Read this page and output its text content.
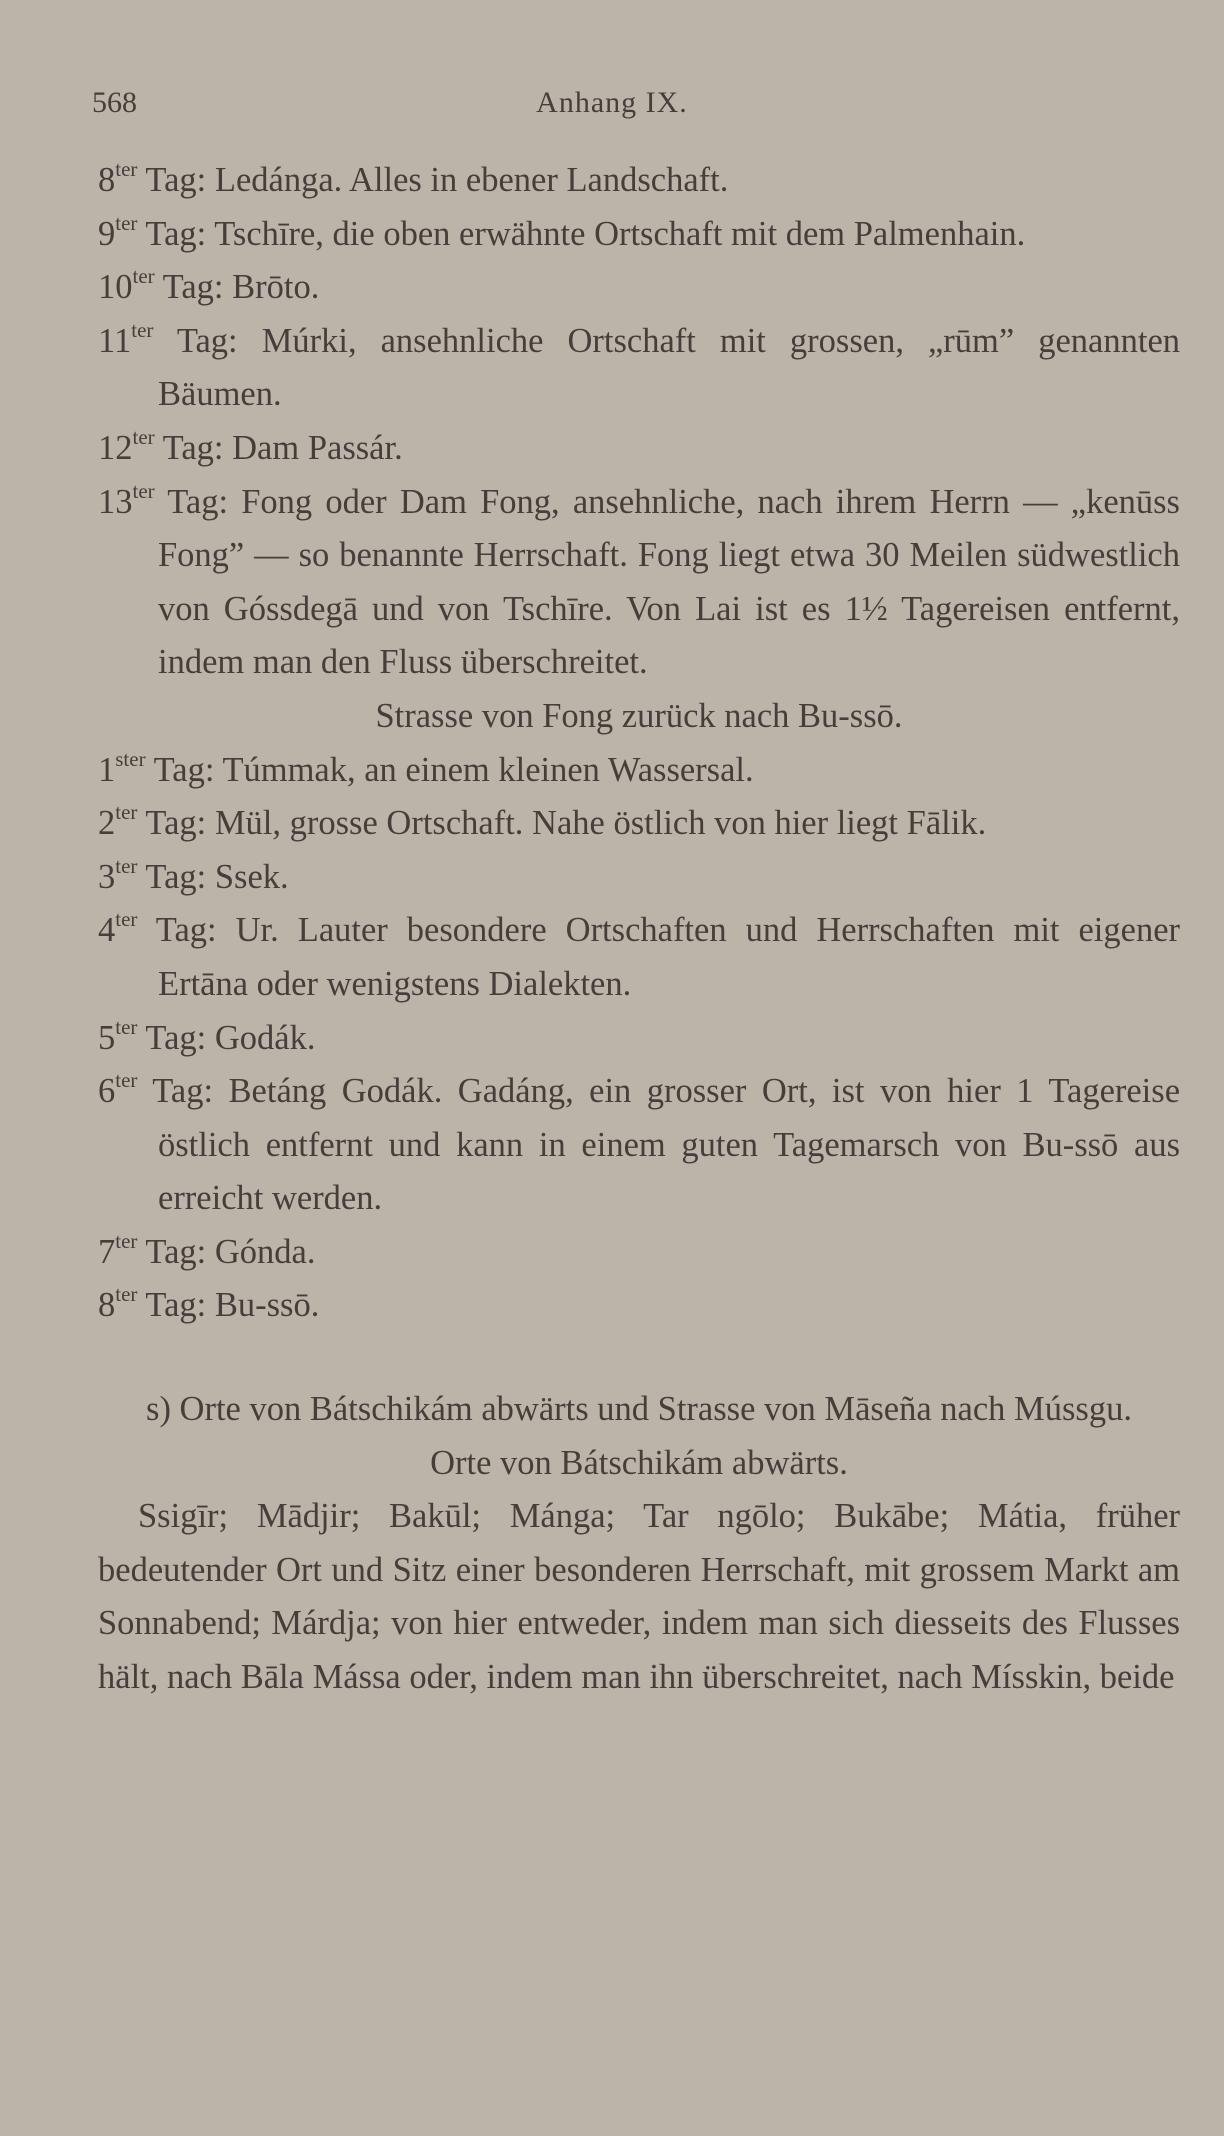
568	Anhang IX.
$8^{ter}$ Tag: Ledánga. Alles in ebener Landschaft.
$9^{ter}$ Tag: Tschīre, die oben erwähnte Ortschaft mit dem Palmenhain.
$10^{ter}$ Tag: Brōto.
$11^{ter}$ Tag: Múrki, ansehnliche Ortschaft mit grossen, „rūm” genannten Bäumen.
$12^{ter}$ Tag: Dam Passár.
$13^{ter}$ Tag: Fong oder Dam Fong, ansehnliche, nach ihrem Herrn — „kenūss Fong” — so benannte Herrschaft. Fong liegt etwa 30 Meilen südwestlich von Góssdegā und von Tschīre. Von Lai ist es 1½ Tagereisen entfernt, indem man den Fluss überschreitet.
Strasse von Fong zurück nach Bu-ssō.
$1^{ster}$ Tag: Túmmak, an einem kleinen Wassersal.
$2^{ter}$ Tag: Mül, grosse Ortschaft. Nahe östlich von hier liegt Fālik.
$3^{ter}$ Tag: Ssek.
$4^{ter}$ Tag: Ur. Lauter besondere Ortschaften und Herrschaften mit eigener Ertāna oder wenigstens Dialekten.
$5^{ter}$ Tag: Godák.
$6^{ter}$ Tag: Betáng Godák. Gadáng, ein grosser Ort, ist von hier 1 Tagereise östlich entfernt und kann in einem guten Tagemarsch von Bu-ssō aus erreicht werden.
$7^{ter}$ Tag: Gónda.
$8^{ter}$ Tag: Bu-ssō.
s) Orte von Bátschikám abwärts und Strasse von Māseña nach Mússgu.
Orte von Bátschikám abwärts.
Ssigīr; Mādjir; Bakūl; Mánga; Tar ngōlo; Bukābe; Mátia, früher bedeutender Ort und Sitz einer besonderen Herrschaft, mit grossem Markt am Sonnabend; Márdja; von hier entweder, indem man sich diesseits des Flusses hält, nach Bāla Mássa oder, indem man ihn überschreitet, nach Mísskin, beide
